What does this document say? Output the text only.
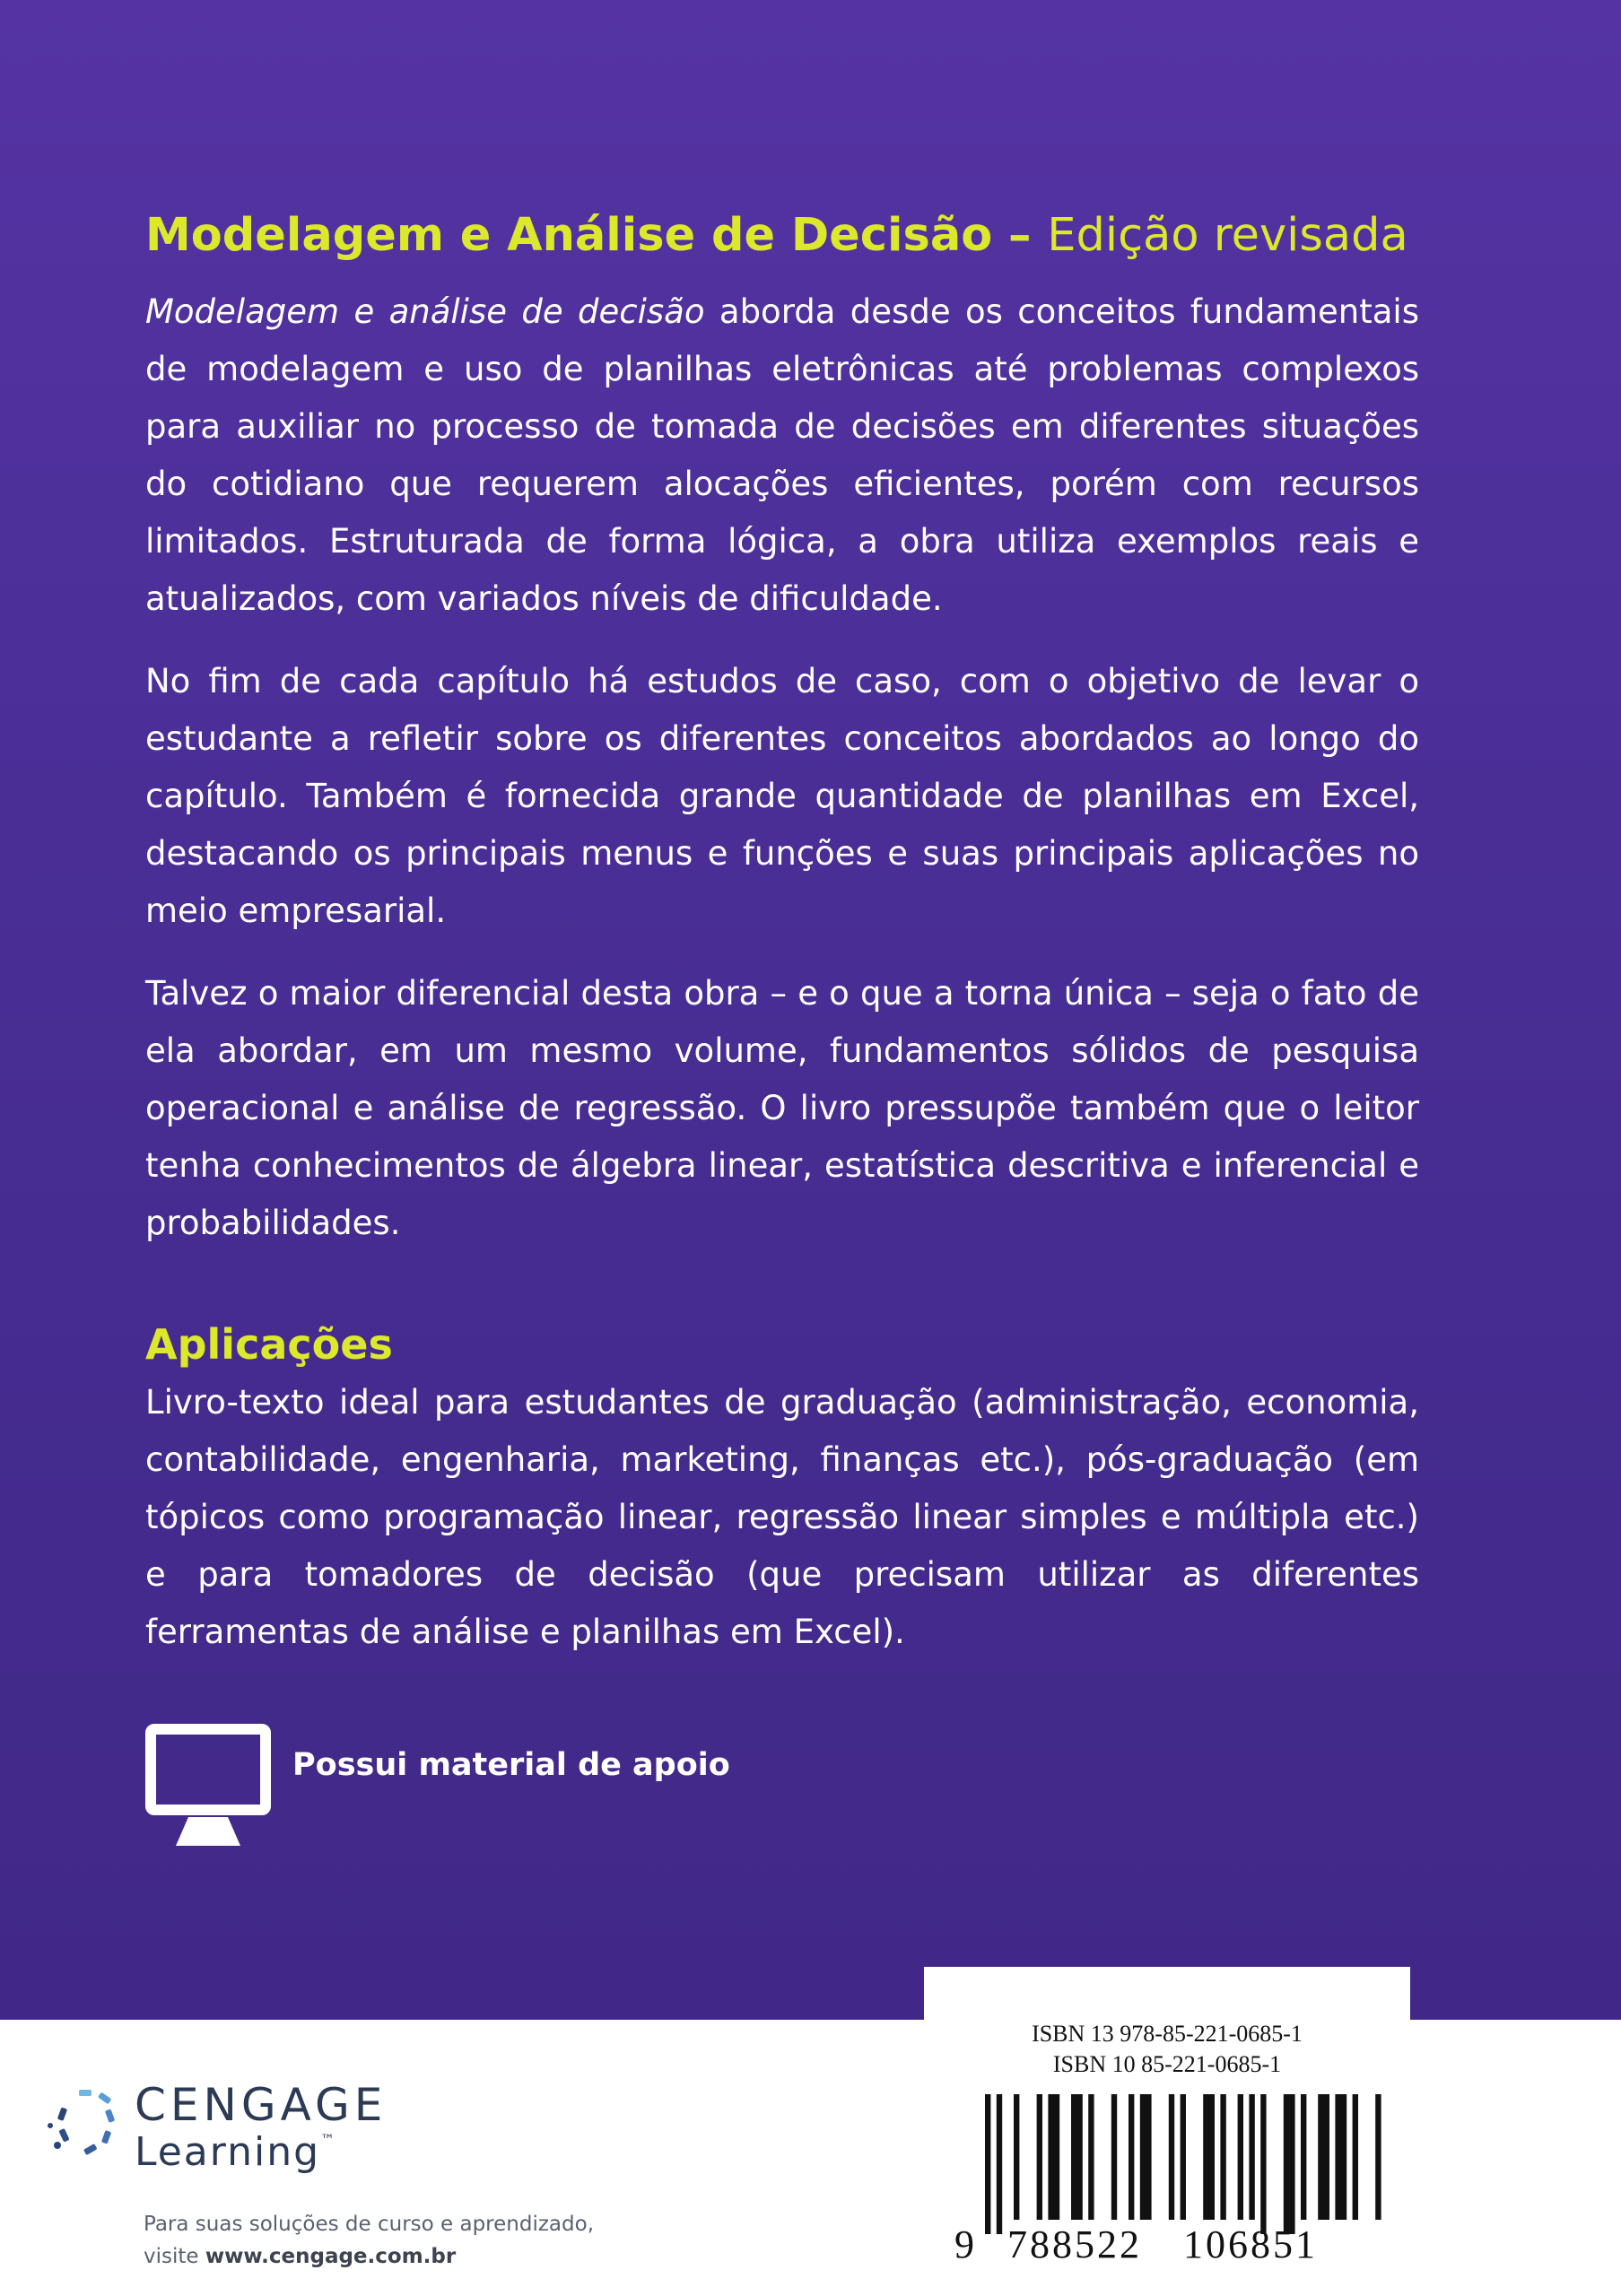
Modelagem e Análise de Decisão – Edição revisada

Modelagem e análise de decisão aborda desde os conceitos fundamentais de modelagem e uso de planilhas eletrônicas até problemas complexos para auxiliar no processo de tomada de decisões em diferentes situações do cotidiano que requerem alocações eficientes, porém com recursos limitados. Estruturada de forma lógica, a obra utiliza exemplos reais e atualizados, com variados níveis de dificuldade.

No fim de cada capítulo há estudos de caso, com o objetivo de levar o estudante a refletir sobre os diferentes conceitos abordados ao longo do capítulo. Também é fornecida grande quantidade de planilhas em Excel, destacando os principais menus e funções e suas principais aplicações no meio empresarial.

Talvez o maior diferencial desta obra – e o que a torna única – seja o fato de ela abordar, em um mesmo volume, fundamentos sólidos de pesquisa operacional e análise de regressão. O livro pressupõe também que o leitor tenha conhecimentos de álgebra linear, estatística descritiva e inferencial e probabilidades.

Aplicações

Livro-texto ideal para estudantes de graduação (administração, economia, contabilidade, engenharia, marketing, finanças etc.), pós-graduação (em tópicos como programação linear, regressão linear simples e múltipla etc.) e para tomadores de decisão (que precisam utilizar as diferentes ferramentas de análise e planilhas em Excel).

Possui material de apoio
CENGAGE
Learning™
Para suas soluções de curso e aprendizado,
visite www.cengage.com.br
ISBN 13 978-85-221-0685-1
ISBN 10 85-221-0685-1
9 788522 106851
